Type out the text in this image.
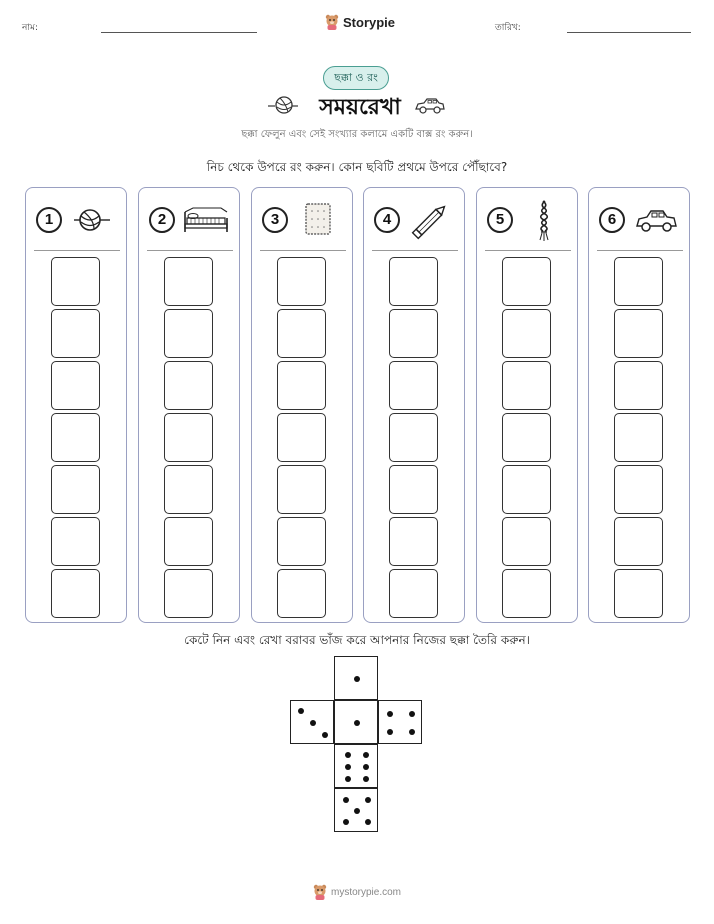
নাম:	Storypie	তারিখ:
ছক্কা ও রং
সময়রেখা
ছক্কা ফেলুন এবং সেই সংখ্যার কলামে একটি বাক্স রং করুন।
নিচ থেকে উপরে রং করুন। কোন ছবিটি প্রথমে উপরে পৌঁছাবে?
1	2	3	4	5	6
কেটে নিন এবং রেখা বরাবর ভাঁজ করে আপনার নিজের ছক্কা তৈরি করুন।
mystorypie.com
